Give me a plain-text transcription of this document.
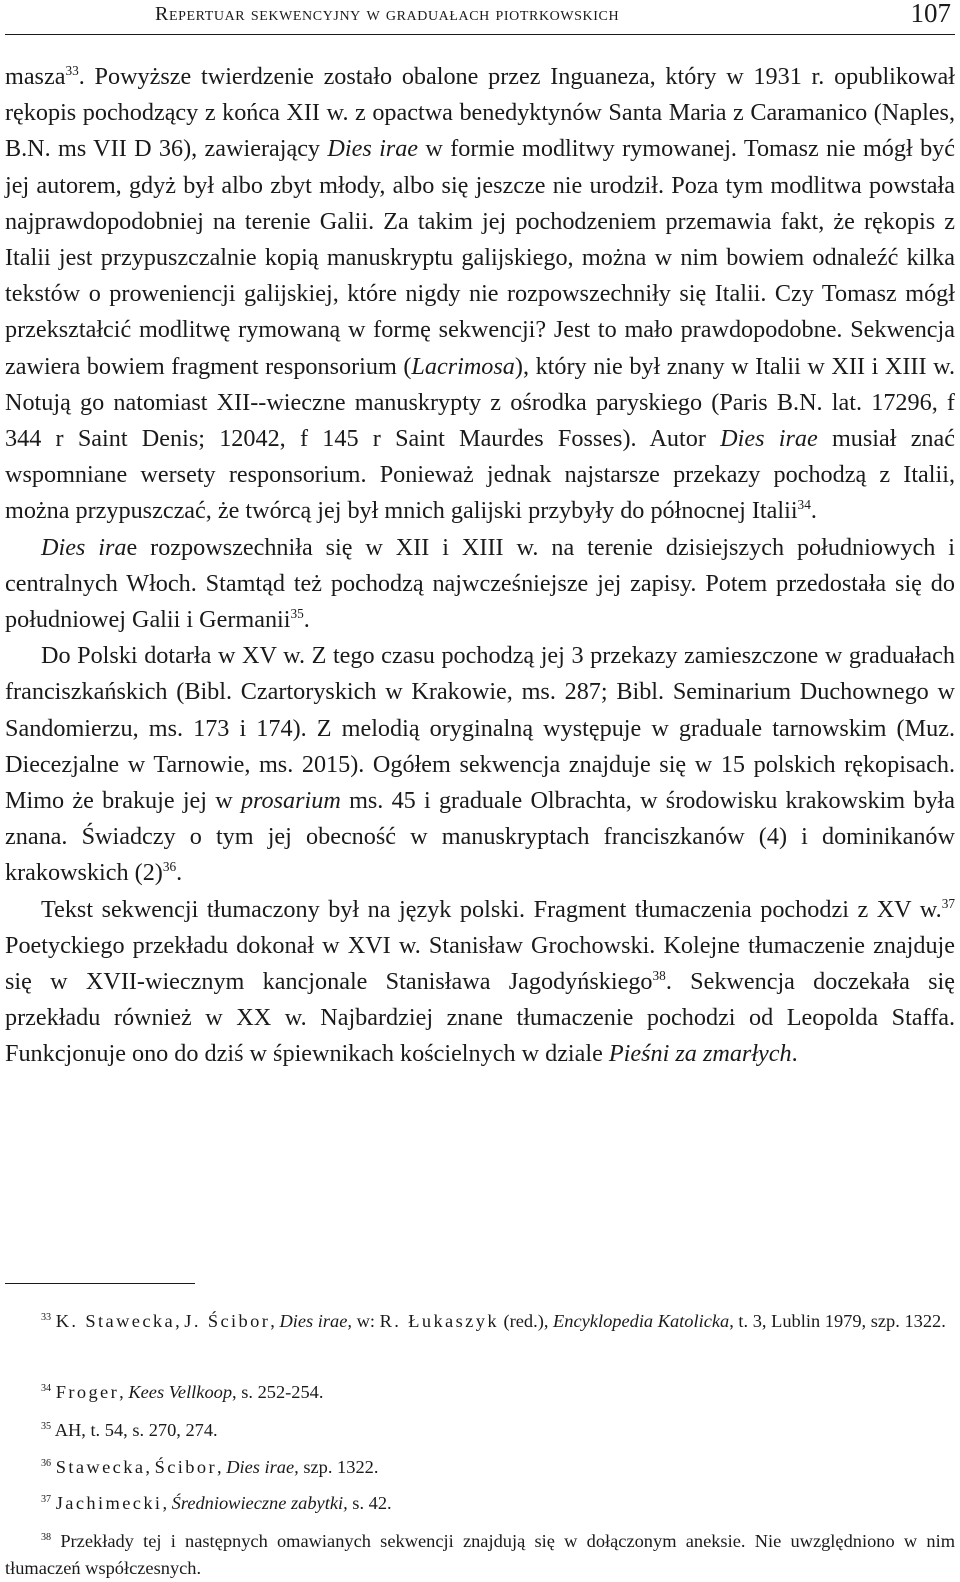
Repertuar sekwencyjny w graduałach piotrkowskich	107

masza$^{33}$. Powyższe twierdzenie zostało obalone przez Inguaneza, który w 1931 r. opublikował rękopis pochodzący z końca XII w. z opactwa benedyktynów Santa Maria z Caramanico (Naples, B.N. ms VII D 36), zawierający Dies irae w formie modlitwy rymowanej. Tomasz nie mógł być jej autorem, gdyż był albo zbyt młody, albo się jeszcze nie urodził. Poza tym modlitwa powstała najprawdopodobniej na terenie Galii. Za takim jej pochodzeniem przemawia fakt, że rękopis z Italii jest przypuszczalnie kopią manuskryptu galijskiego, można w nim bowiem odnaleźć kilka tekstów o proweniencji galijskiej, które nigdy nie rozpowszechniły się Italii. Czy Tomasz mógł przekształcić modlitwę rymowaną w formę sekwencji? Jest to mało prawdopodobne. Sekwencja zawiera bowiem fragment responsorium (Lacrimosa), który nie był znany w Italii w XII i XIII w. Notują go natomiast XII--wieczne manuskrypty z ośrodka paryskiego (Paris B.N. lat. 17296, f 344 r Saint Denis; 12042, f 145 r Saint Maurdes Fosses). Autor Dies irae musiał znać wspomniane wersety responsorium. Ponieważ jednak najstarsze przekazy pochodzą z Italii, można przypuszczać, że twórcą jej był mnich galijski przybyły do północnej Italii$^{34}$.

Dies irae rozpowszechniła się w XII i XIII w. na terenie dzisiejszych południowych i centralnych Włoch. Stamtąd też pochodzą najwcześniejsze jej zapisy. Potem przedostała się do południowej Galii i Germanii$^{35}$.

Do Polski dotarła w XV w. Z tego czasu pochodzą jej 3 przekazy zamieszczone w graduałach franciszkańskich (Bibl. Czartoryskich w Krakowie, ms. 287; Bibl. Seminarium Duchownego w Sandomierzu, ms. 173 i 174). Z melodią oryginalną występuje w graduale tarnowskim (Muz. Diecezjalne w Tarnowie, ms. 2015). Ogółem sekwencja znajduje się w 15 polskich rękopisach. Mimo że brakuje jej w prosarium ms. 45 i graduale Olbrachta, w środowisku krakowskim była znana. Świadczy o tym jej obecność w manuskryptach franciszkanów (4) i dominikanów krakowskich $(2)^{36}$.

Tekst sekwencji tłumaczony był na język polski. Fragment tłumaczenia pochodzi z XV w.$^{37}$ Poetyckiego przekładu dokonał w XVI w. Stanisław Grochowski. Kolejne tłumaczenie znajduje się w XVII-wiecznym kancjonale Stanisława Jagodyńskiego$^{38}$. Sekwencja doczekała się przekładu również w XX w. Najbardziej znane tłumaczenie pochodzi od Leopolda Staffa. Funkcjonuje ono do dziś w śpiewnikach kościelnych w dziale Pieśni za zmarłych.

$^{33}$ K. Stawecka, J. Ścibor, Dies irae, w: R. Łukaszyk (red.), Encyklopedia Katolicka, t. 3, Lublin 1979, szp. 1322.
$^{34}$ Froger, Kees Vellkoop, s. 252-254.
$^{35}$ AH, t. 54, s. 270, 274.
$^{36}$ Stawecka, Ścibor, Dies irae, szp. 1322.
$^{37}$ Jachimecki, Średniowieczne zabytki, s. 42.
$^{38}$ Przekłady tej i następnych omawianych sekwencji znajdują się w dołączonym aneksie. Nie uwzględniono w nim tłumaczeń współczesnych.
